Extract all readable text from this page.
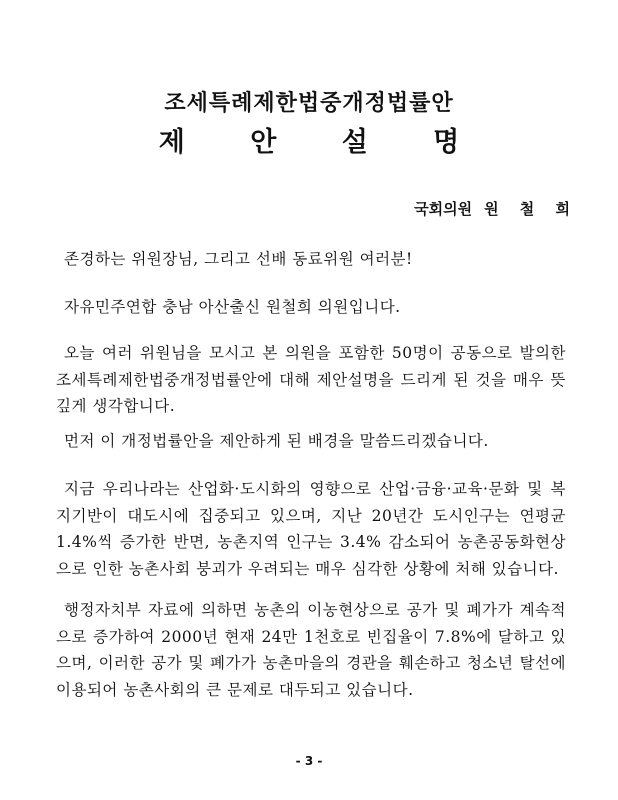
조세특례제한법중개정법률안
제 안 설 명
국회의원 원 철 희

존경하는 위원장님, 그리고 선배 동료위원 여러분!

자유민주연합 충남 아산출신 원철희 의원입니다.

오늘 여러 위원님을 모시고 본 의원을 포함한 50명이 공동으로 발의한 조세특례제한법중개정법률안에 대해 제안설명을 드리게 된 것을 매우 뜻깊게 생각합니다.

먼저 이 개정법률안을 제안하게 된 배경을 말씀드리겠습니다.

지금 우리나라는 산업화·도시화의 영향으로 산업·금융·교육·문화 및 복지기반이 대도시에 집중되고 있으며, 지난 20년간 도시인구는 연평균 1.4%씩 증가한 반면, 농촌지역 인구는 3.4% 감소되어 농촌공동화현상으로 인한 농촌사회 붕괴가 우려되는 매우 심각한 상황에 처해 있습니다.

행정자치부 자료에 의하면 농촌의 이농현상으로 공가 및 폐가가 계속적으로 증가하여 2000년 현재 24만 1천호로 빈집율이 7.8%에 달하고 있으며, 이러한 공가 및 폐가가 농촌마을의 경관을 훼손하고 청소년 탈선에 이용되어 농촌사회의 큰 문제로 대두되고 있습니다.

- 3 -
